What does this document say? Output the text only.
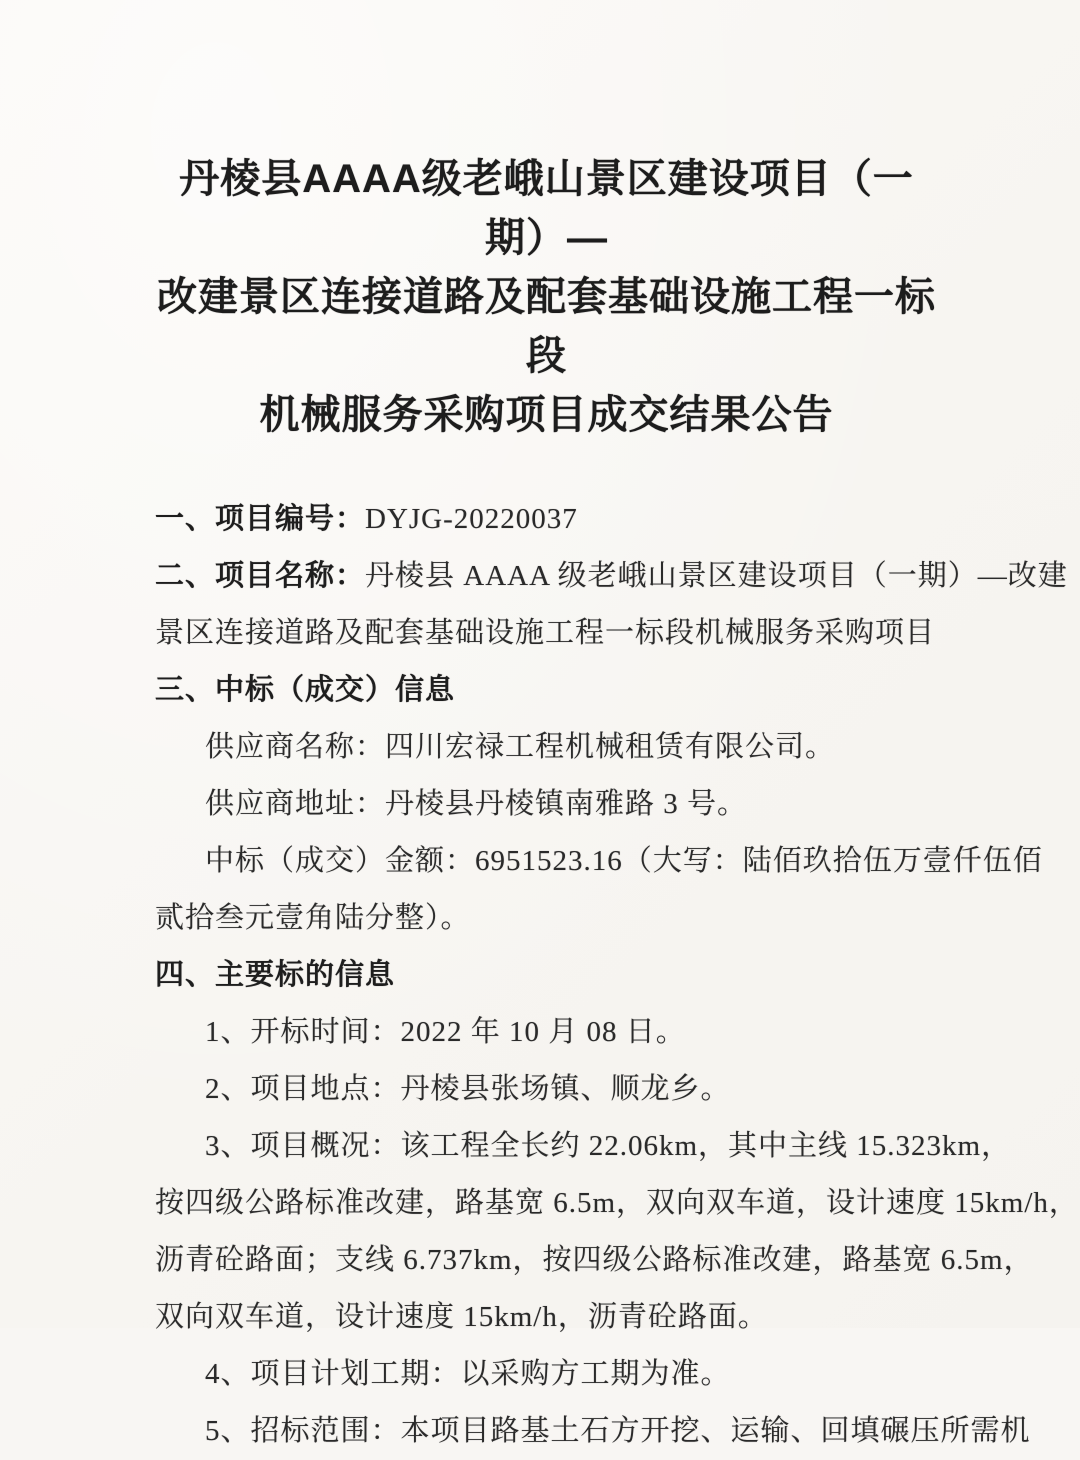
丹棱县AAAA级老峨山景区建设项目（一期）—
改建景区连接道路及配套基础设施工程一标段
机械服务采购项目成交结果公告
一、项目编号：DYJG-20220037
二、项目名称：丹棱县 AAAA 级老峨山景区建设项目（一期）—改建
景区连接道路及配套基础设施工程一标段机械服务采购项目
三、中标（成交）信息
供应商名称：四川宏禄工程机械租赁有限公司。
供应商地址：丹棱县丹棱镇南雅路 3 号。
中标（成交）金额：6951523.16（大写：陆佰玖拾伍万壹仟伍佰
贰拾叁元壹角陆分整）。
四、主要标的信息
1、开标时间：2022 年 10 月 08 日。
2、项目地点：丹棱县张场镇、顺龙乡。
3、项目概况：该工程全长约 22.06km，其中主线 15.323km，
按四级公路标准改建，路基宽 6.5m，双向双车道，设计速度 15km/h，
沥青砼路面；支线 6.737km，按四级公路标准改建，路基宽 6.5m，
双向双车道，设计速度 15km/h，沥青砼路面。
4、项目计划工期：以采购方工期为准。
5、招标范围：本项目路基土石方开挖、运输、回填碾压所需机
